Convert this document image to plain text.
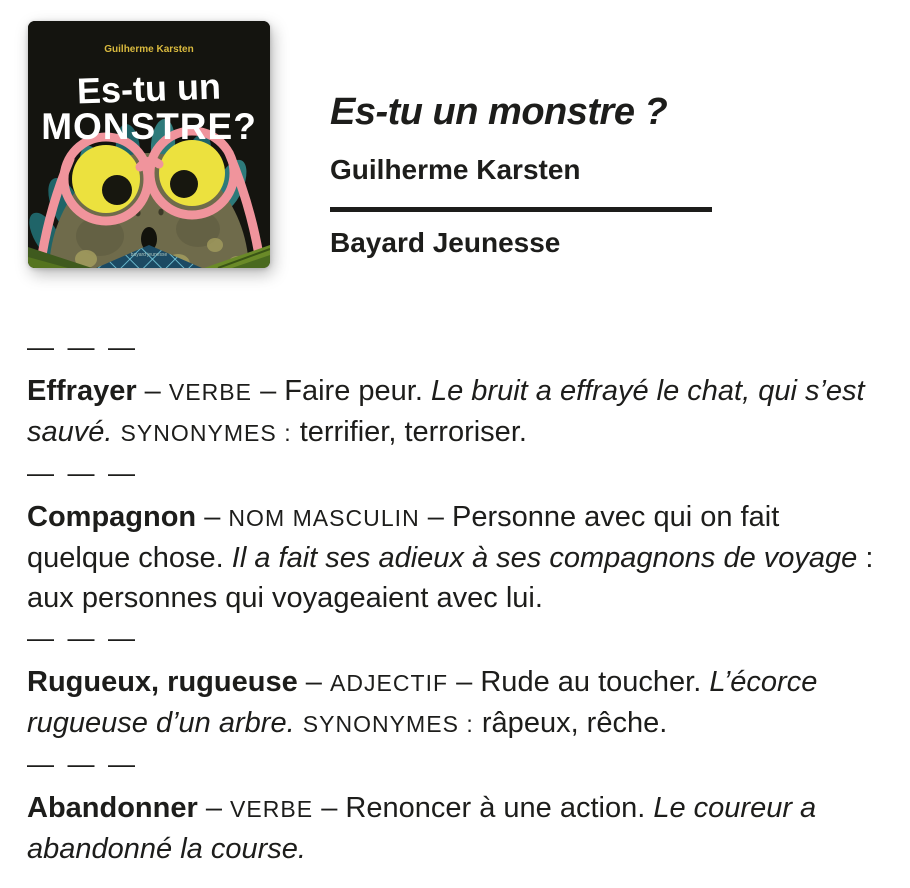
bayard jeunesse
Guilherme Karsten
Es-tu un
MONSTRE? Es-tu un monstre ?

Guilherme Karsten

Bayard Jeunesse

— — —

Effrayer – VERBE – Faire peur. Le bruit a effrayé le chat, qui s’est sauvé. SYNONYMES : terrifier, terroriser.

— — —

Compagnon – NOM MASCULIN – Personne avec qui on fait quelque chose. Il a fait ses adieux à ses compagnons de voyage : aux personnes qui voyageaient avec lui.

— — —

Rugueux, rugueuse – ADJECTIF – Rude au toucher. L’écorce rugueuse d’un arbre. SYNONYMES : râpeux, rêche.

— — —

Abandonner – VERBE – Renoncer à une action. Le coureur a abandonné la course.
